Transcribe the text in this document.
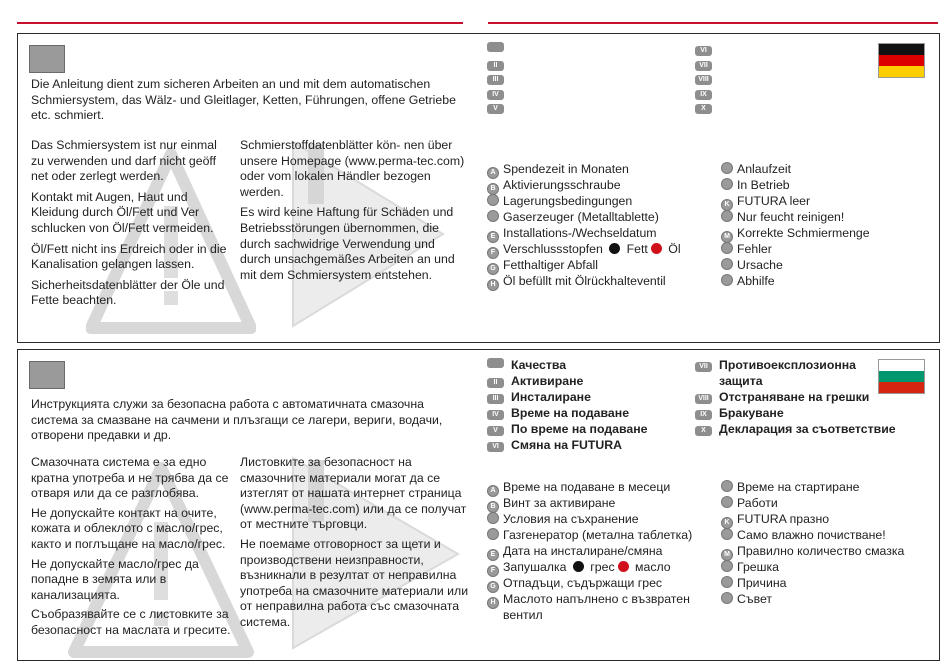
Die Anleitung dient zum sicheren Arbeiten an und mit dem automatischen Schmiersystem, das Wälz- und Gleitlager, Ketten, Führungen, offene Getriebe etc. schmiert.

Das Schmiersystem ist nur einmal zu verwenden und darf nicht geöff net oder zerlegt werden.

Kontakt mit Augen, Haut und Kleidung durch Öl/Fett und Ver schlucken von Öl/Fett vermeiden.

Öl/Fett nicht ins Erdreich oder in die Kanalisation gelangen lassen.

Sicherheitsdatenblätter der Öle und Fette beachten.

Schmierstoffdatenblätter kön- nen über unsere Homepage (www.perma-tec.com) oder vom lokalen Händler bezogen werden.

Es wird keine Haftung für Schäden und Betriebsstörungen übernommen, die durch sachwidrige Verwendung und durch unsachgemäßes Arbeiten an und mit dem Schmiersystem entstehen.

II
III
IV
V
VI
VII
VIII
IX
X
A Spendezeit in Monaten
B Aktivierungsschraube
Lagerungsbedingungen
Gaserzeuger (Metalltablette)
E Installations-/Wechseldatum
F Verschlussstopfen Fett Öl
G Fetthaltiger Abfall
H Öl befüllt mit Ölrückhalteventil
Anlaufzeit
In Betrieb
K FUTURA leer
Nur feucht reinigen!
M Korrekte Schmiermenge
Fehler
Ursache
Abhilfe

Инструкцията служи за безопасна работа с автоматичната смазочна система за смазване на сачмени и плъзгащи се лагери, вериги, водачи, отворени предавки и др.

Смазочната система е за едно кратна употреба и не трябва да се отваря или да се разглобява.

Не допускайте контакт на очите, кожата и облеклото с масло/грес, както и поглъщане на масло/грес.

Не допускайте масло/грес да попадне в земята или в канализацията.

Съобразявайте се с листовките за безопасност на маслата и гресите.

Листовките за безопасност на смазочните материали могат да се изтеглят от нашата интернет страница (www.perma-tec.com) или да се получат от местните търговци.

Не поемаме отговорност за щети и производствени неизправности, възникнали в резултат от неправилна употреба на смазочните материали или от неправилна работа със смазочната система.

Качества
II Активиране
III Инсталиране
IV Време на подаване
V По време на подаване
VI Смяна на FUTURA
VII Противоексплозионна
защита
VIII Отстраняване на грешки
IX Бракуване
X Декларация за съответствие
A Време на подаване в месеци
B Винт за активиране
Условия на съхранение
Газгенератор (метална таблетка)
E Дата на инсталиране/смяна
F Запушалка грес масло
G Отпадъци, съдържащи грес
H Маслото напълнено с възвратен
вентил
Време на стартиране
Работи
K FUTURA празно
Само влажно почистване!
M Правилно количество смазка
Грешка
Причина
Съвет
